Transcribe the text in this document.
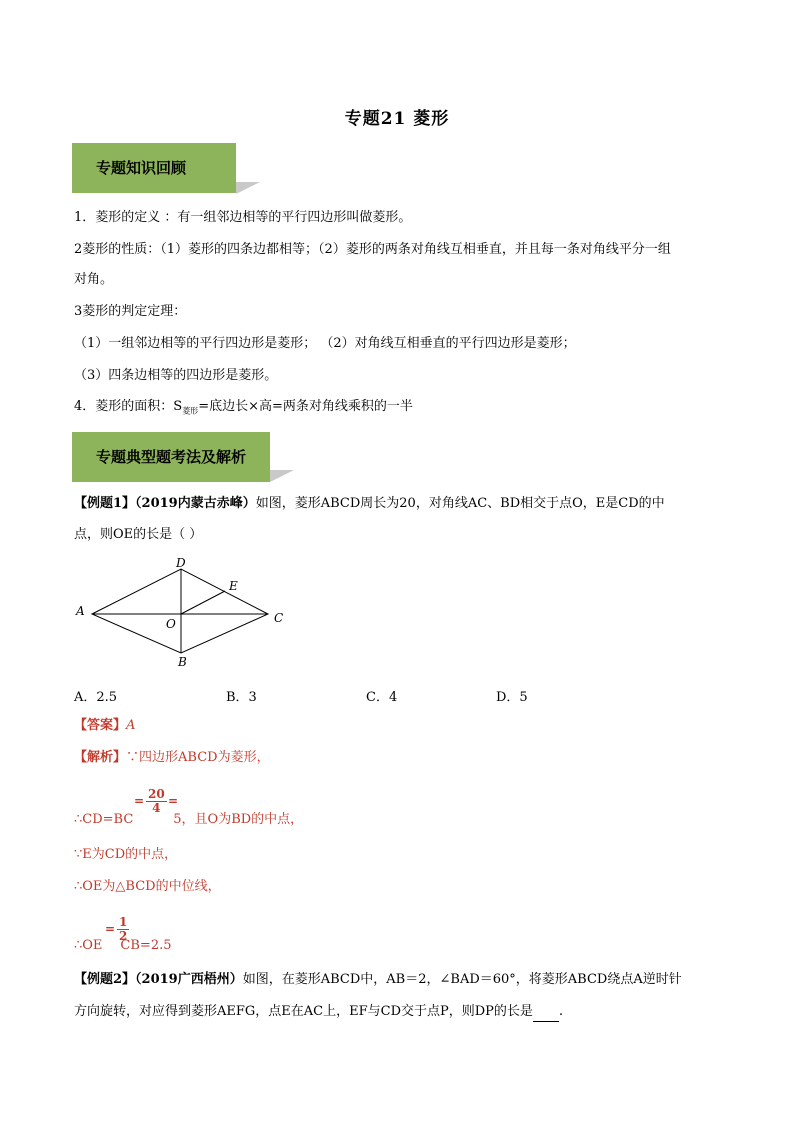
专题21 菱形
专题知识回顾
1．菱形的定义 ：有一组邻边相等的平行四边形叫做菱形。
2菱形的性质：（1）菱形的四条边都相等；（2）菱形的两条对角线互相垂直，并且每一条对角线平分一组
对角。
3菱形的判定定理：
（1）一组邻边相等的平行四边形是菱形； （2）对角线互相垂直的平行四边形是菱形；
（3）四条边相等的四边形是菱形。
4．菱形的面积：$S_{菱形}=$底边长×高=两条对角线乘积的一半
专题典型题考法及解析
【例题1】（2019内蒙古赤峰）如图，菱形ABCD周长为20，对角线AC、BD相交于点O，E是CD的中
点，则OE的长是（ ）
A
D
E
C
O
B
A．2.5	B．3	C．4	D．5
【答案】A
【解析】∵四边形ABCD为菱形，
∴CD=BC	5，且O为BD的中点，
= 20
4 =
∵E为CD的中点，
∴OE为△BCD的中位线，
∴OE CB=2.5
= 1
2
【例题2】（2019广西梧州）如图，在菱形ABCD中，AB＝2，∠BAD＝60°，将菱形ABCD绕点A逆时针
方向旋转，对应得到菱形AEFG，点E在AC上，EF与CD交于点P，则DP的长是 .
